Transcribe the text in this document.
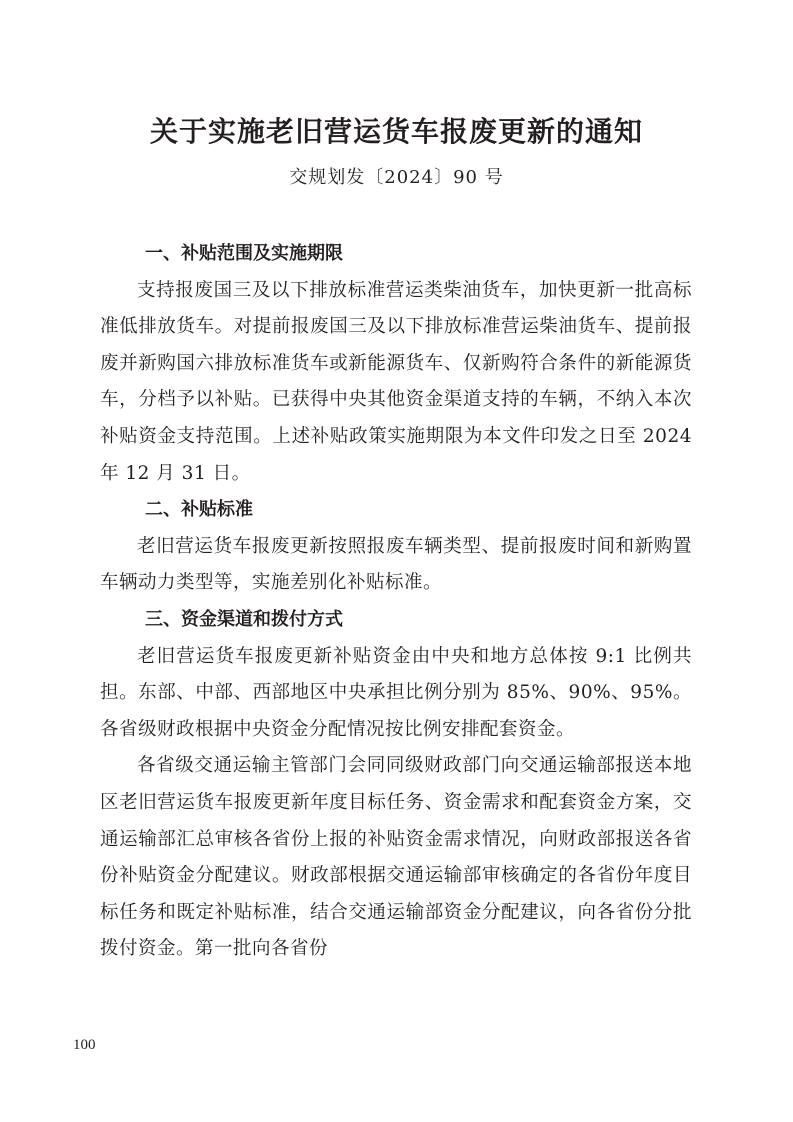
关于实施老旧营运货车报废更新的通知
交规划发〔2024〕90 号
一、补贴范围及实施期限

支持报废国三及以下排放标准营运类柴油货车，加快更新一批高标准低排放货车。对提前报废国三及以下排放标准营运柴油货车、提前报废并新购国六排放标准货车或新能源货车、仅新购符合条件的新能源货车，分档予以补贴。已获得中央其他资金渠道支持的车辆，不纳入本次补贴资金支持范围。上述补贴政策实施期限为本文件印发之日至 2024 年 12 月 31 日。

二、补贴标准

老旧营运货车报废更新按照报废车辆类型、提前报废时间和新购置车辆动力类型等，实施差别化补贴标准。

三、资金渠道和拨付方式

老旧营运货车报废更新补贴资金由中央和地方总体按 9:1 比例共担。东部、中部、西部地区中央承担比例分别为 85%、90%、95%。各省级财政根据中央资金分配情况按比例安排配套资金。

各省级交通运输主管部门会同同级财政部门向交通运输部报送本地区老旧营运货车报废更新年度目标任务、资金需求和配套资金方案，交通运输部汇总审核各省份上报的补贴资金需求情况，向财政部报送各省份补贴资金分配建议。财政部根据交通运输部审核确定的各省份年度目标任务和既定补贴标准，结合交通运输部资金分配建议，向各省份分批拨付资金。第一批向各省份

100
